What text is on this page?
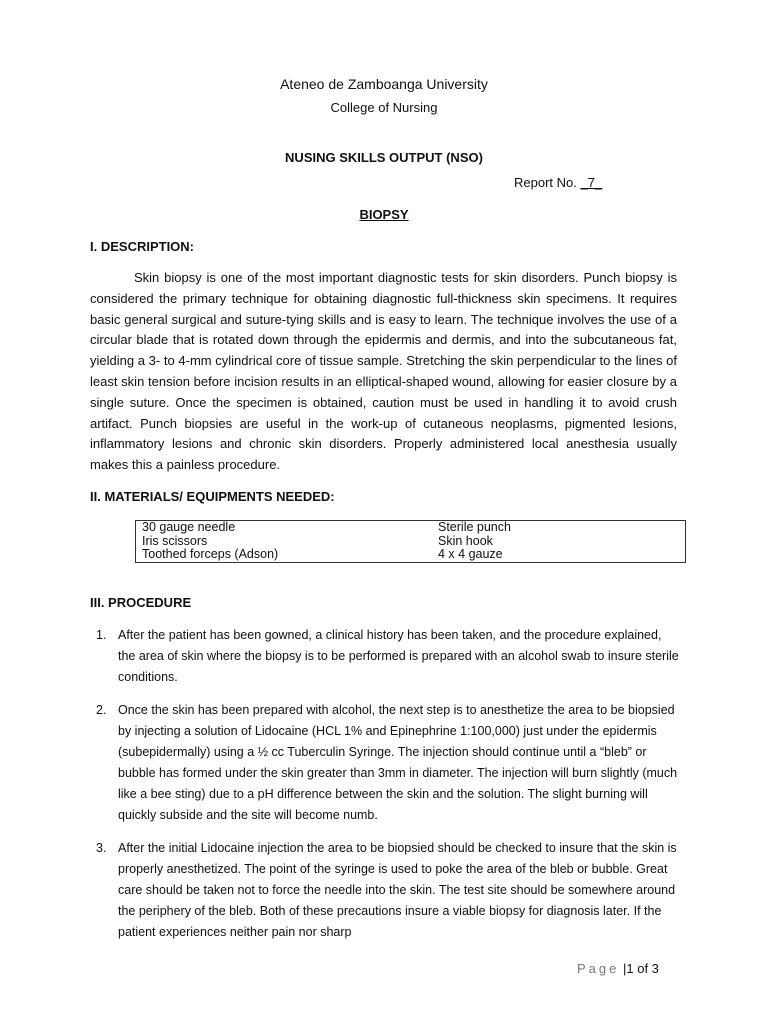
Ateneo de Zamboanga University
College of Nursing
NUSING SKILLS OUTPUT (NSO)
Report No. _7_
BIOPSY
I. DESCRIPTION:

Skin biopsy is one of the most important diagnostic tests for skin disorders. Punch biopsy is considered the primary technique for obtaining diagnostic full-thickness skin specimens. It requires basic general surgical and suture-tying skills and is easy to learn. The technique involves the use of a circular blade that is rotated down through the epidermis and dermis, and into the subcutaneous fat, yielding a 3- to 4-mm cylindrical core of tissue sample. Stretching the skin perpendicular to the lines of least skin tension before incision results in an elliptical-shaped wound, allowing for easier closure by a single suture. Once the specimen is obtained, caution must be used in handling it to avoid crush artifact. Punch biopsies are useful in the work-up of cutaneous neoplasms, pigmented lesions, inflammatory lesions and chronic skin disorders. Properly administered local anesthesia usually makes this a painless procedure.

II. MATERIALS/ EQUIPMENTS NEEDED:
30 gauge needle	Sterile punch
Iris scissors	Skin hook
Toothed forceps (Adson)	4 x 4 gauze
III. PROCEDURE
1. After the patient has been gowned, a clinical history has been taken, and the procedure explained, the area of skin where the biopsy is to be performed is prepared with an alcohol swab to insure sterile conditions.
2. Once the skin has been prepared with alcohol, the next step is to anesthetize the area to be biopsied by injecting a solution of Lidocaine (HCL 1% and Epinephrine 1:100,000) just under the epidermis (subepidermally) using a ½ cc Tuberculin Syringe. The injection should continue until a “bleb” or bubble has formed under the skin greater than 3mm in diameter. The injection will burn slightly (much like a bee sting) due to a pH difference between the skin and the solution. The slight burning will quickly subside and the site will become numb.
3. After the initial Lidocaine injection the area to be biopsied should be checked to insure that the skin is properly anesthetized. The point of the syringe is used to poke the area of the bleb or bubble. Great care should be taken not to force the needle into the skin. The test site should be somewhere around the periphery of the bleb. Both of these precautions insure a viable biopsy for diagnosis later. If the patient experiences neither pain nor sharp
Page |1 of 3
